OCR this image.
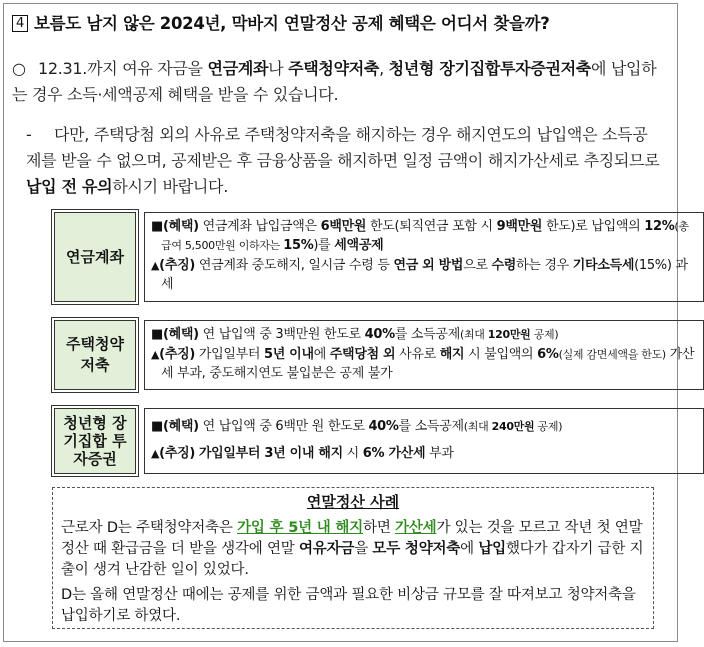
4 보름도 남지 않은 2024년, 막바지 연말정산 공제 혜택은 어디서 찾을까?
○ 12.31.까지 여유 자금을 연금계좌나 주택청약저축, 청년형 장기집합투자증권저축에 납입하는 경우 소득·세액공제 혜택을 받을 수 있습니다.
- 다만, 주택당첨 외의 사유로 주택청약저축을 해지하는 경우 해지연도의 납입액은 소득공제를 받을 수 없으며, 공제받은 후 금융상품을 해지하면 일정 금액이 해지가산세로 추징되므로 납입 전 유의하시기 바랍니다.
연금계좌
■(혜택) 연금계좌 납입금액은 6백만원 한도(퇴직연금 포함 시 9백만원 한도)로 납입액의 12%(총급여 5,500만원 이하자는 15%)를 세액공제
▲(추징) 연금계좌 중도해지, 일시금 수령 등 연금 외 방법으로 수령하는 경우 기타소득세(15%) 과세
주택청약저축
■(혜택) 연 납입액 중 3백만원 한도로 40%를 소득공제(최대 120만원 공제)
▲(추징) 가입일부터 5년 이내에 주택당첨 외 사유로 해지 시 불입액의 6%(실제 감면세액을 한도) 가산세 부과, 중도해지연도 불입분은 공제 불가
청년형 장기집합 투자증권
■(혜택) 연 납입액 중 6백만 원 한도로 40%를 소득공제(최대 240만원 공제)
▲(추징) 가입일부터 3년 이내 해지 시 6% 가산세 부과
연말정산 사례

근로자 D는 주택청약저축은 가입 후 5년 내 해지하면 가산세가 있는 것을 모르고 작년 첫 연말정산 때 환급금을 더 받을 생각에 연말 여유자금을 모두 청약저축에 납입했다가 갑자기 급한 지출이 생겨 난감한 일이 있었다.

D는 올해 연말정산 때에는 공제를 위한 금액과 필요한 비상금 규모를 잘 따져보고 청약저축을 납입하기로 하였다.
